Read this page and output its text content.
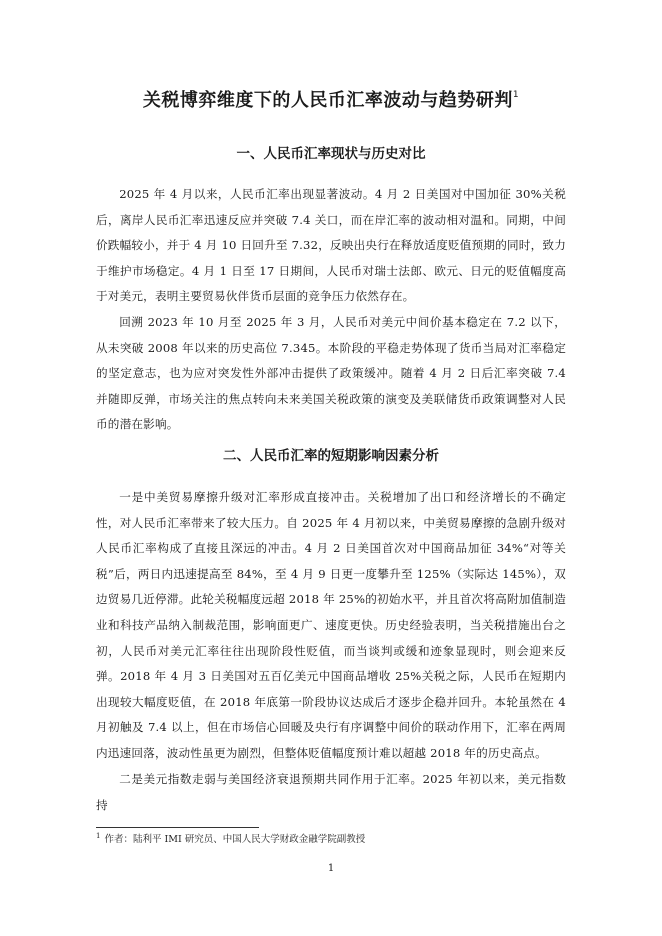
关税博弈维度下的人民币汇率波动与趋势研判$^1$
一、人民币汇率现状与历史对比

2025 年 4 月以来，人民币汇率出现显著波动。4 月 2 日美国对中国加征 30%关税后，离岸人民币汇率迅速反应并突破 7.4 关口，而在岸汇率的波动相对温和。同期，中间价跌幅较小，并于 4 月 10 日回升至 7.32，反映出央行在释放适度贬值预期的同时，致力于维护市场稳定。4 月 1 日至 17 日期间，人民币对瑞士法郎、欧元、日元的贬值幅度高于对美元，表明主要贸易伙伴货币层面的竞争压力依然存在。

回溯 2023 年 10 月至 2025 年 3 月，人民币对美元中间价基本稳定在 7.2 以下，从未突破 2008 年以来的历史高位 7.345。本阶段的平稳走势体现了货币当局对汇率稳定的坚定意志，也为应对突发性外部冲击提供了政策缓冲。随着 4 月 2 日后汇率突破 7.4 并随即反弹，市场关注的焦点转向未来美国关税政策的演变及美联储货币政策调整对人民币的潜在影响。

二、人民币汇率的短期影响因素分析

一是中美贸易摩擦升级对汇率形成直接冲击。关税增加了出口和经济增长的不确定性，对人民币汇率带来了较大压力。自 2025 年 4 月初以来，中美贸易摩擦的急剧升级对人民币汇率构成了直接且深远的冲击。4 月 2 日美国首次对中国商品加征 34%“对等关税”后，两日内迅速提高至 84%，至 4 月 9 日更一度攀升至 125%（实际达 145%），双边贸易几近停滞。此轮关税幅度远超 2018 年 25%的初始水平，并且首次将高附加值制造业和科技产品纳入制裁范围，影响面更广、速度更快。历史经验表明，当关税措施出台之初，人民币对美元汇率往往出现阶段性贬值，而当谈判或缓和迹象显现时，则会迎来反弹。2018 年 4 月 3 日美国对五百亿美元中国商品增收 25%关税之际，人民币在短期内出现较大幅度贬值，在 2018 年底第一阶段协议达成后才逐步企稳并回升。本轮虽然在 4 月初触及 7.4 以上，但在市场信心回暖及央行有序调整中间价的联动作用下，汇率在两周内迅速回落，波动性虽更为剧烈，但整体贬值幅度预计难以超越 2018 年的历史高点。

二是美元指数走弱与美国经济衰退预期共同作用于汇率。2025 年初以来，美元指数持

$^1$ 作者：陆利平 IMI 研究员、中国人民大学财政金融学院副教授
1
